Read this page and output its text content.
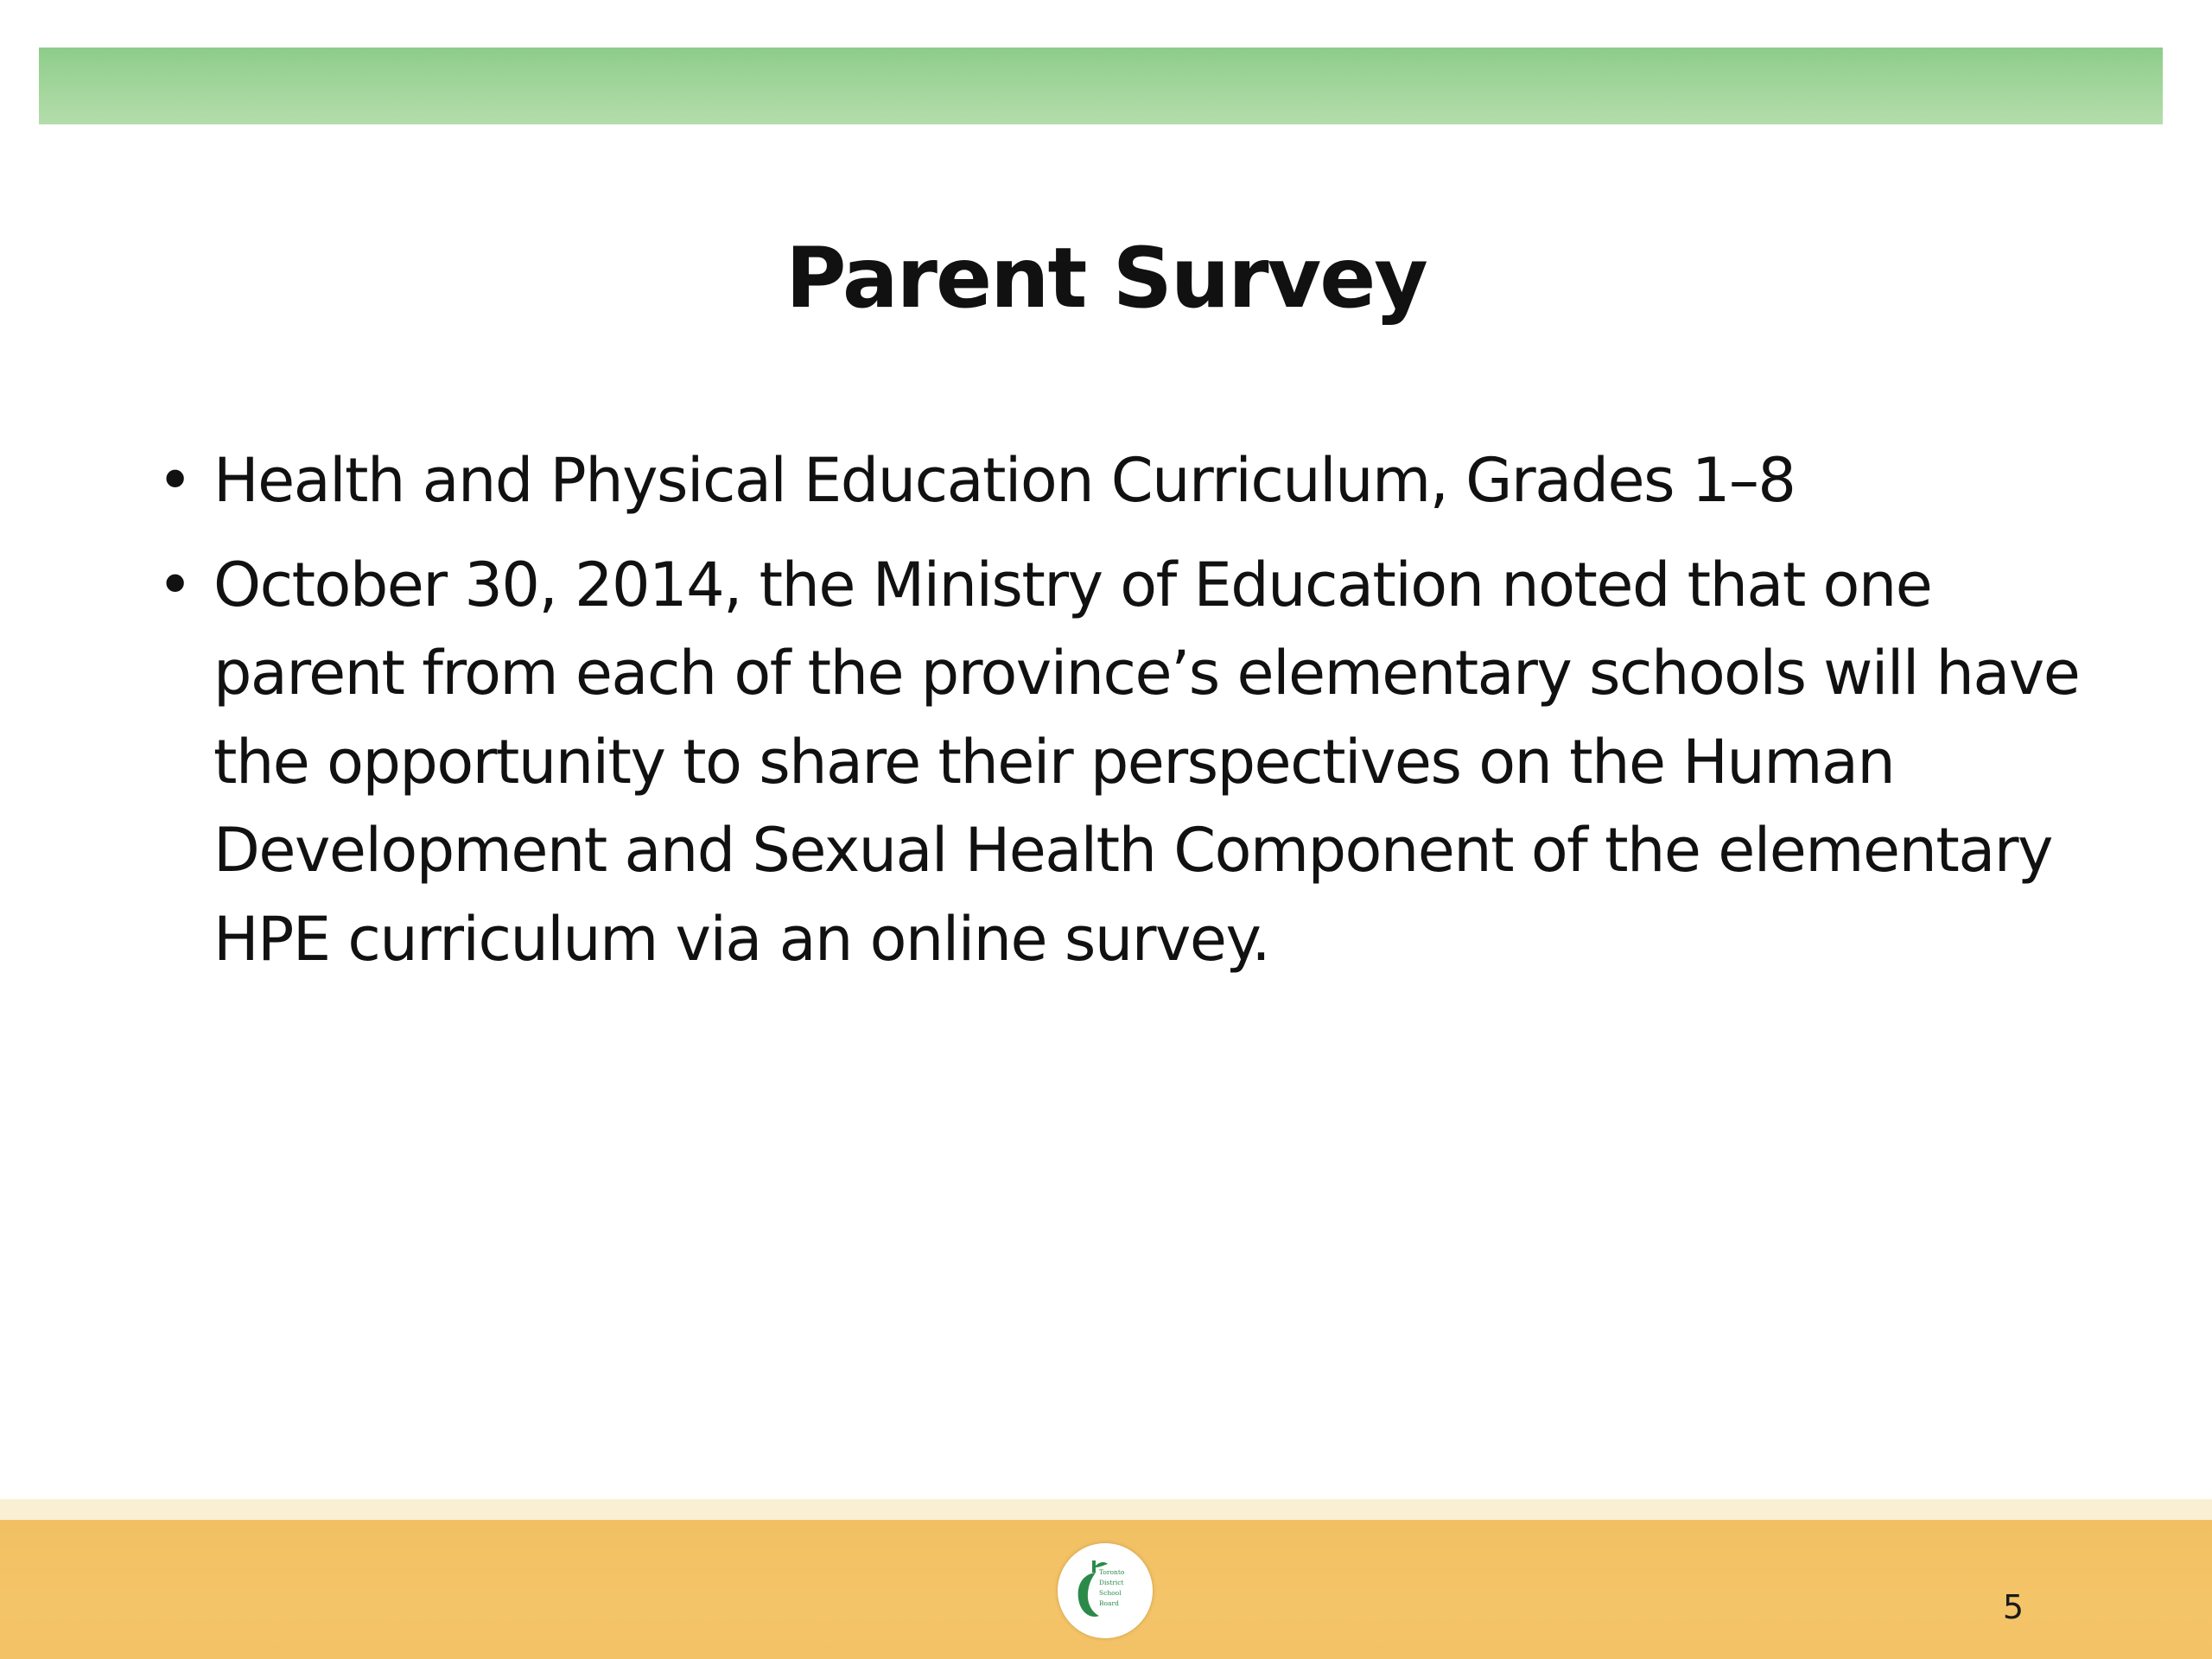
Parent Survey
• Health and Physical Education Curriculum, Grades 1–8
• October 30, 2014, the Ministry of Education noted that one parent from each of the province’s elementary schools will have the opportunity to share their perspectives on the Human Development and Sexual Health Component of the elementary HPE curriculum via an online survey.
Toronto
District
School
Board	5
